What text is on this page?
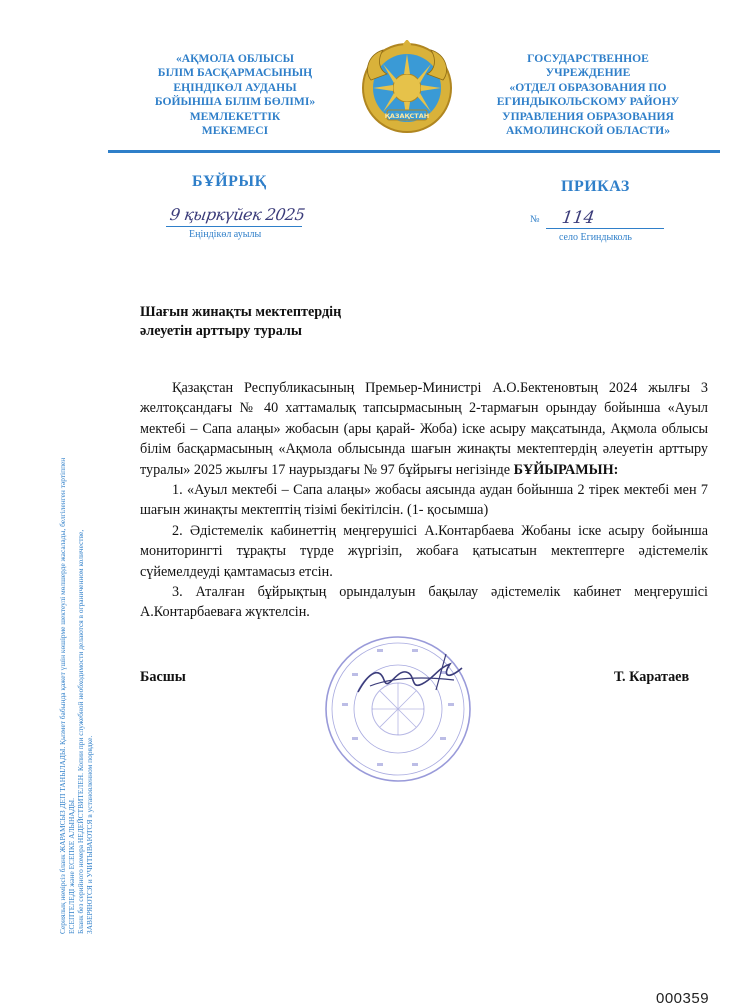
«АҚМОЛА ОБЛЫСЫ
БІЛІМ БАСҚАРМАСЫНЫҢ
ЕҢІНДІКӨЛ АУДАНЫ
БОЙЫНША БІЛІМ БӨЛІМІ»
МЕМЛЕКЕТТІК
МЕКЕМЕСІ
ҚАЗАҚСТАН
ГОСУДАРСТВЕННОЕ
УЧРЕЖДЕНИЕ
«ОТДЕЛ ОБРАЗОВАНИЯ ПО
ЕГИНДЫКОЛЬСКОМУ РАЙОНУ
УПРАВЛЕНИЯ ОБРАЗОВАНИЯ
АКМОЛИНСКОЙ ОБЛАСТИ»
БҰЙРЫҚ	ПРИКАЗ
9 қыркүйек 2025
Еңіндікөл ауылы
№ 114
село Егиндыколь
Шағын жинақты мектептердің
әлеуетін арттыру туралы

Қазақстан Республикасының Премьер-Министрі А.О.Бектеновтың 2024 жылғы 3 желтоқсандағы № 40 хаттамалық тапсырмасының 2-тармағын орындау бойынша «Ауыл мектебі – Сапа алаңы» жобасын (ары қарай- Жоба) іске асыру мақсатында, Ақмола облысы білім басқармасының «Ақмола облысында шағын жинақты мектептердің әлеуетін арттыру туралы» 2025 жылғы 17 наурыздағы № 97 бұйрығы негізінде БҰЙЫРАМЫН:

1. «Ауыл мектебі – Сапа алаңы» жобасы аясында аудан бойынша 2 тірек мектебі мен 7 шағын жинақты мектептің тізімі бекітілсін. (1- қосымша)

2. Әдістемелік кабинеттің меңгерушісі А.Контарбаева Жобаны іске асыру бойынша мониторингті тұрақты түрде жүргізіп, жобаға қатысатын мектептерге әдістемелік сүйемелдеуді қамтамасыз етсін.

3. Аталған бұйрықтың орындалуын бақылау әдістемелік кабинет меңгерушісі А.Контарбаеваға жүктелсін.

Сериялық нөмірсіз бланк ЖАРАМСЫЗ ДЕП ТАНЫЛАДЫ. Қызмет бабында қажет үшін көшірме шектеулі мөлшерде жасалады, белгіленген тәртіппен ЕСЕПТЕЛЕДІ және ЕСЕПКЕ АЛЫНАДЫ. Бланк без серийного номера НЕДЕЙСТВИТЕЛЕН. Копии при служебной необходимости делаются в ограниченном количестве, ЗАВЕРЯЮТСЯ и УЧИТЫВАЮТСЯ в установленном порядке.
Басшы	Т. Каратаев
000359
